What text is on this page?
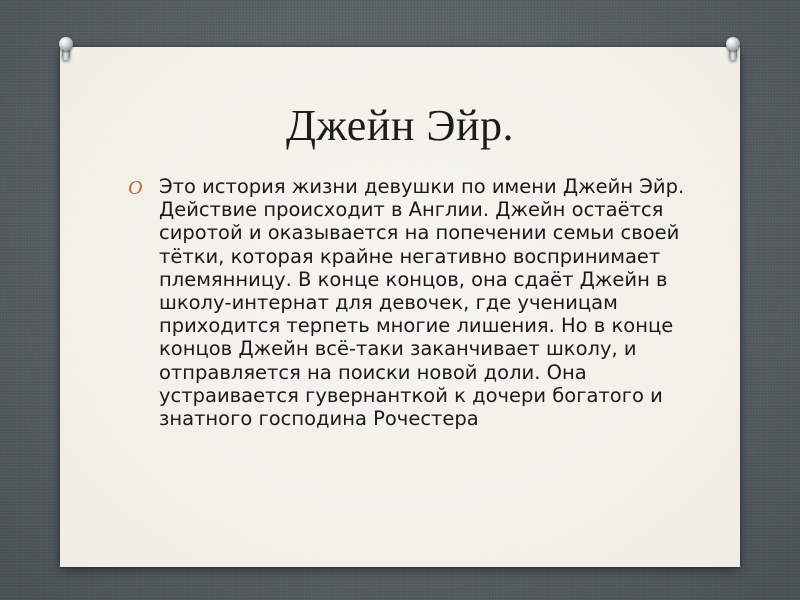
Джейн Эйр.
O Это история жизни девушки по имени Джейн Эйр. Действие происходит в Англии. Джейн остаётся сиротой и оказывается на попечении семьи своей тётки, которая крайне негативно воспринимает племянницу. В конце концов, она сдаёт Джейн в школу-интернат для девочек, где ученицам приходится терпеть многие лишения. Но в конце концов Джейн всё-таки заканчивает школу, и отправляется на поиски новой доли. Она устраивается гувернанткой к дочери богатого и знатного господина Рочестера
